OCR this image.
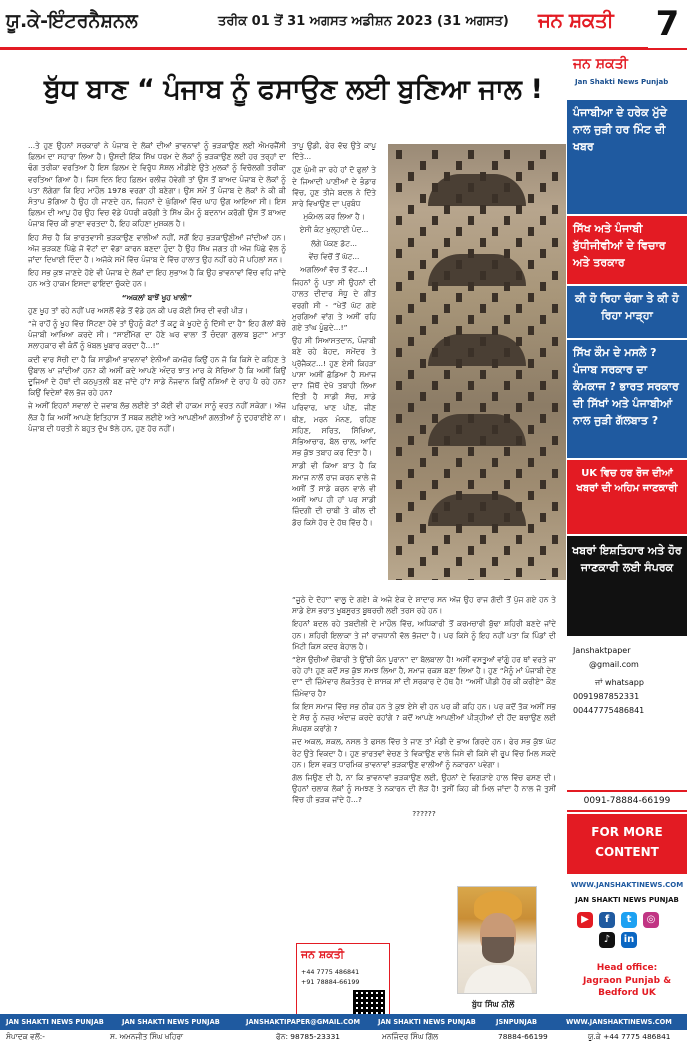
ਯੂ.ਕੇ-ਇੰਟਰਨੈਸ਼ਨਲ	ਤਰੀਕ 01 ਤੋਂ 31 ਅਗਸਤ ਅਡੀਸ਼ਨ 2023 (31 ਅਗਸਤ) ਜਨ ਸ਼ਕਤੀ 7
ਬੁੱਧ ਬਾਣ “ ਪੰਜਾਬ ਨੂੰ ਫਸਾਉਣ ਲਈ ਬੁਣਿਆ ਜਾਲ !

...ਤੇ ਹੁਣ ਉਹਨਾਂ ਸਰਕਾਰਾਂ ਨੇ ਪੰਜਾਬ ਦੇ ਲੋਕਾਂ ਦੀਆਂ ਭਾਵਨਾਵਾਂ ਨੂੰ ਭੜਕਾਉਣ ਲਈ ਐਮਰਜੈਂਸੀ ਫ਼ਿਲਮ ਦਾ ਸਹਾਰਾ ਲਿਆ ਹੈ। ਉਸਦੀ ਇੱਕ ਸਿੱਖ ਧਰਮ ਦੇ ਲੋਕਾਂ ਨੂੰ ਭੜਕਾਉਣ ਲਈ ਹਰ ਤਰ੍ਹਾਂ ਦਾ ਢੰਗ ਤਰੀਕਾ ਵਰਤਿਆ ਹੈ ਇਸ ਫ਼ਿਲਮ ਦੇ ਵਿਰੁੱਧ ਸੋਸ਼ਲ ਮੀਡੀਏ ਉਤੇ ਮੁਲਕਾਂ ਨੂੰ ਵਿਚੋਲਗੀ ਤਰੀਕਾ ਵਰਤਿਆ ਗਿਆ ਹੈ। ਜਿਸ ਦਿਨ ਇਹ ਫ਼ਿਲਮ ਰਲੀਜ਼ ਹੋਵੇਗੀ ਤਾਂ ਉਸ ਤੋਂ ਬਾਅਦ ਪੰਜਾਬ ਦੇ ਲੋਕਾਂ ਨੂੰ ਪਤਾ ਲੱਗੇਗਾ ਕਿ ਇਹ ਮਾਹੌਲ 1978 ਵਰਗਾ ਹੀ ਬਣੇਗਾ। ਉਸ ਸਮੇਂ ਤੋਂ ਪੰਜਾਬ ਦੇ ਲੋਕਾਂ ਨੇ ਕੀ ਕੀ ਸੰਤਾਪ ਭੋਗਿਆ ਹੈ ਉਹ ਹੀ ਜਾਣਦੇ ਹਨ, ਜਿਹਨਾਂ ਦੇ ਘੁੱਗਿਆਂ ਵਿੱਚ ਘਾਹ ਉਗ ਆਇਆ ਸੀ। ਇਸ ਫ਼ਿਲਮ ਦੀ ਆਪੂ ਹੋਰ ਉਹ ਵਿਚ ਵੱਡੇ ਪੱਧਰੀ ਕਰੋਗੀ ਤੇ ਸਿੱਖ ਕੌਮ ਨੂੰ ਬਦਨਾਮ ਕਰੋਗੀ ਉਸ ਤੋਂ ਬਾਅਦ ਪੰਜਾਬ ਵਿੱਚ ਕੀ ਭਾਣਾ ਵਰਤਦਾ ਹੈ, ਇਹ ਕਹਿਣਾ ਮੁਸ਼ਕਲ ਹੈ।

ਇਹ ਸੱਚ ਹੈ ਕਿ ਭਾਰਤਵਾਸੀ ਭੜਕਾਉਣ ਵਾਲੀਆਂ ਨਹੀਂ, ਸਗੋਂ ਇਹ ਭੜਕਾਉਣੀਆਂ ਜਾਂਦੀਆਂ ਹਨ। ਅੱਜ ਭੜਕਣ ਪਿੱਛੇ ਜੋ ਵੋਟਾਂ ਦਾ ਵੱਡਾ ਕਾਰਨ ਬਣਦਾ ਹੁੰਦਾ ਹੈ ਉਹ ਸਿੱਖ ਜਗਤ ਹੀ ਅੱਜ ਪਿੱਛੇ ਵੱਲ ਨੂੰ ਜਾਂਦਾ ਦਿਖਾਈ ਦਿੰਦਾ ਹੈ। ਅਜੋਕੇ ਸਮੇਂ ਵਿੱਚ ਪੰਜਾਬ ਦੇ ਵਿੱਚ ਹਾਲਾਤ ਉਹ ਨਹੀਂ ਰਹੇ ਜੋ ਪਹਿਲਾਂ ਸਨ।

ਇਹ ਸਭ ਕੁਝ ਜਾਣਦੇ ਹੋਏ ਵੀ ਪੰਜਾਬ ਦੇ ਲੋਕਾਂ ਦਾ ਇਹ ਸੁਭਾਅ ਹੈ ਕਿ ਉਹ ਭਾਵਨਾਵਾਂ ਵਿੱਚ ਵਹਿ ਜਾਂਦੇ ਹਨ ਅਤੇ ਹਾਕਮ ਇਸਦਾ ਫਾਇਦਾ ਚੁੱਕਦੇ ਹਨ।

“ਅਕਲਾਂ ਬਾਝੋਂ ਖੂਹ ਖਾਲੀ”

ਹੁਣ ਖੂਹ ਤਾਂ ਰਹੇ ਨਹੀਂ ਪਰ ਅਸਲੋਂ ਵੱਡੇ ਤੋਂ ਵੱਡੇ ਹਨ ਕੀ ਪਰ ਕੋਈ ਸਿਰ ਦੀ ਵਰੀ ਪੀੜ।

“ਜੇ ਰਾਹੋਂ ਨੂੰ ਖੂਹ ਵਿੱਚ ਸਿੱਟਣਾ ਹੋਵੇ ਤਾਂ ਉਹਨੂੰ ਕੋਟਾਂ ਤੋਂ ਕਟੂ ਕੇ ਖੂਹਦੇ ਨੂੰ ਦਿੱਸੀ ਦਾ ਹੈ” ਇਹ ਗੱਲਾਂ ਬੱਚੇ ਪੰਜਾਬੀ ਆਖਿਆ ਕਰਦੇ ਸੀ। “ਸਾਈਂਮੋਗ ਦਾ ਹੋਣੇ ਘਰ ਵਾਲਾ ਤੋਂ ਚੰਦਗਾ ਗੁਲਾਬ ਬੂਟਾ” ਮਾਤਾ ਸਲਾਹਕਾਰ ਵੀ ਕੰਨੋਂ ਨੂੰ ਖੱਬਲ ਖੂਬਾਰ ਕਰਦਾ ਹੈ...!”

ਕਦੀ ਵਾਰ ਸੋਚੀ ਦਾ ਹੈ ਕਿ ਸਾਡੀਆਂ ਭਾਵਨਾਵਾਂ ਏਨੀਆਂ ਕਮਜ਼ੋਰ ਕਿਉਂ ਹਨ ਜੋ ਕਿ ਕਿਸੇ ਦੇ ਕਹਿਣ ਤੇ ਉਬਾਲ ਖਾ ਜਾਂਦੀਆਂ ਹਨ? ਕੀ ਅਸੀਂ ਕਦੇ ਆਪਣੇ ਅੰਦਰ ਝਾਤ ਮਾਰ ਕੇ ਸੋਚਿਆ ਹੈ ਕਿ ਅਸੀਂ ਕਿਉਂ ਦੂਜਿਆਂ ਦੇ ਹੱਥਾਂ ਦੀ ਕਠਪੁਤਲੀ ਬਣ ਜਾਂਦੇ ਹਾਂ? ਸਾਡੇ ਨੌਜਵਾਨ ਕਿਉਂ ਨਸ਼ਿਆਂ ਦੇ ਰਾਹ ਪੈ ਰਹੇ ਹਨ? ਕਿਉਂ ਵਿਦੇਸ਼ਾਂ ਵੱਲ ਭੱਜ ਰਹੇ ਹਨ?

ਜੇ ਅਸੀਂ ਇਹਨਾਂ ਸਵਾਲਾਂ ਦੇ ਜਵਾਬ ਲੱਭ ਲਈਏ ਤਾਂ ਕੋਈ ਵੀ ਹਾਕਮ ਸਾਨੂੰ ਵਰਤ ਨਹੀਂ ਸਕੇਗਾ। ਅੱਜ ਲੋੜ ਹੈ ਕਿ ਅਸੀਂ ਆਪਣੇ ਇਤਿਹਾਸ ਤੋਂ ਸਬਕ ਲਈਏ ਅਤੇ ਆਪਣੀਆਂ ਗਲਤੀਆਂ ਨੂੰ ਦੁਹਰਾਈਏ ਨਾ। ਪੰਜਾਬ ਦੀ ਧਰਤੀ ਨੇ ਬਹੁਤ ਦੁੱਖ ਝੱਲੇ ਹਨ, ਹੁਣ ਹੋਰ ਨਹੀਂ।

ਤਾਪੂ ਉਡੀ, ਫੇਰ ਵੱਢ ਉਤੇ ਕਾਪੂ ਦਿੱਤੇ...

ਹੁਣ ਘੁੰਮੀ ਜਾ ਰਹੇ ਹਾਂ ਦੋ ਫੁਲਾਂ ਤੇ ਦੇ ਜਿਆਦੀ ਪਾਣੀਆਂ ਦੇ ਭੰਡਾਰ ਵਿੱਚ, ਹੁਣ ਤੀਜੇ ਬਦਲ ਨੇ ਦਿੱਤੇ ਸਾਰੇ ਵਿਖਾਉਣ ਦਾ ਪ੍ਰਬੰਧ

ਮੁਕੰਮਲ ਕਰ ਲਿਆ ਹੈ।

ਏਸੀ ਕੰਟ ਖੁਲ੍ਹਾਈ ਪੰਦ...

ਲੱਗੇ ਪੱਕਣ ਡੱਟ...

ਵੇਂਚ ਵਿਚੋਂ ਤੋਂ ਘੱਟ...

ਅਗਲਿਆਂ ਵੱਚ ਤੋਂ ਵੱਟ...!

ਜਿਹਨਾਂ ਨੂੰ ਪਤਾ ਸੀ ਉਹਨਾਂ ਦੀ ਹਾਲਤ ਦੀਦਾਰ ਸੰਧੂ ਦੇ ਗੀਤ ਵਰਗੀ ਸੀ - “ਖੇਤੋਂ ਘੱਟ ਗਏ ਮੁਰਗਿਆਂ ਵਾਂਗ ਤੇ ਅਸੀਂ ਰਹਿ ਗਏ ਤਾਂਘ ਪੂੰਛਦੇ...!”

ਉਹ ਸੀ ਸਿਆਸਤਦਾਨ, ਪੰਜਾਬੀ ਬਣੇ ਰਹੇ ਬੇਹਦ, ਸਮੇਂਦਰ ਤੇ ਪ੍ਰੋਜੈਕਟ...! ਹੁਣ ਏਸੀ ਕਿਹੜਾ ਪਾਸਾ ਅਸੀਂ ਛੱਡਿਆ ਹੈ ਸਮਾਜ ਦਾ? ਜਿੱਥੋਂ ਦੇਖੋ ਤਬਾਹੀ ਲਿਆ ਦਿੱਤੀ ਹੈ ਸਾਡੀ ਸੋਚ, ਸਾਡੇ ਪਰਿਵਾਰ, ਖਾਣ ਪੀਣ, ਜੀਣ ਥੀਣ, ਮਰਨ ਮੰਨਣ, ਰਹਿਣ ਸਹਿਣ, ਸਰਿਤ, ਸਿੱਖਿਆ, ਸੱਭਿਆਚਾਰ, ਬੋਲ ਚਾਲ, ਆਦਿ ਸਭ ਕੁੱਝ ਤਬਾਹ ਕਰ ਦਿੱਤਾ ਹੈ।

ਸਾਡੀ ਵੀ ਕਿਆ ਬਾਤ ਹੈ ਕਿ ਸਮਾਜ ਨਾਲੋਂ ਰਾਜ ਕਰਨ ਵਾਲੇ ਜੋ ਅਸੀਂ ਤੋਂ ਸਾਡੇ ਕਰਨ ਵਾਲੇ ਵੀ ਅਸੀਂ ਆਪ ਹੀ ਹਾਂ ਪਰ ਸਾਡੀ ਜ਼ਿੰਦਗੀ ਦੀ ਚਾਬੀ ਤੇ ਕੀਲ ਦੀ ਡੋਰ ਕਿਸੇ ਹੋਰ ਦੇ ਹੱਥ ਵਿੱਚ ਹੈ।

“ਜੂਠੇ ਦੇ ਦੋਹਾ” ਵਾਲੂ ਦੇ ਗਏ! ਕੇ ਅਜੇ ਏਕ ਦੇ ਸ਼ਾਦਾਰ ਸਨ ਅੱਜ ਉਹ ਰਾਜ ਗੱਦੀ ਤੋਂ ਪੁੱਜ ਗਏ ਹਨ ਤੇ ਸਾਡੇ ਏਸ ਭਰਾਤ ਖੂਬਸੂਰਤ ਬੂਥਰਚੀ ਲਈ ਤਰਸ ਰਹੇ ਹਨ।

ਇਹਨਾਂ ਬਦਲ ਰਹੇ ਤਬਦੀਲੀ ਦੇ ਮਾਹੌਲ ਵਿੱਚ, ਅਧਿਕਾਰੀ ਤੋਂ ਕਰਮਚਾਰੀ ਬੁੱਢਾ ਸ਼ਹਿਰੀ ਬਣਦੇ ਜਾਂਦੇ ਹਨ। ਸ਼ਹਿਰੀ ਇਲਾਕਾ ਤੇ ਜਾਂ ਰਾਜਧਾਨੀ ਵੱਲ ਭੱਜਦਾ ਹੈ। ਪਰ ਕਿਸੇ ਨੂੰ ਇਹ ਨਹੀਂ ਪਤਾ ਕਿ ਪਿੰਡਾਂ ਦੀ ਮਿੱਟੀ ਕਿਸ ਕਦਰ ਬੇਹਾਲ ਹੈ।

“ਏਸ ਉਚੀਆਂ ਚੌਬਾਰੀ ਤੇ ਉੱਚੀ ਕੰਨ ਪੂਰਾਨ” ਦਾ ਬੋਲਬਾਲਾ ਹੈ! ਅਸੀਂ ਵਸਤੂਆਂ ਵਾਂਗੂੰ ਹਰ ਥਾਂ ਵਰਤੇ ਜਾ ਰਹੇ ਹਾਂ! ਹੁਣ ਕਦੋਂ ਸਭ ਕੁੱਝ ਸਮਝ ਲਿਆ ਹੈ, ਸਮਾਜ ਰਕਸ਼ ਬਣਾ ਲਿਆ ਹੈ। ਹੁਣ “ਮੈਨੂੰ ਮਾਂ ਪੰਜਾਬੀ ਦੇਣ ਦਾ” ਦੀ ਜ਼ਿੰਮੇਵਾਰ ਲੋਕਤੰਤਰ ਦੇ ਸ਼ਾਸਕ ਸਾਂ ਦੀ ਸਰਕਾਰ ਦੇ ਹੱਥ ਹੈ! “ਅਸੀਂ ਪੀਡੀ ਹੋਰ ਕੀ ਕਰੀਏ” ਕੌਣ ਜ਼ਿੰਮੇਵਾਰ ਹੈ?

ਕਿ ਇਸ ਸਮਾਜ ਵਿੱਚ ਸਭ ਠੀਕ ਹਨ ਤੇ ਕੁਝ ਏਸੇ ਵੀ ਹਨ ਪਰ ਕੀ ਕਹਿ ਹਨ। ਪਰ ਕਦੋਂ ਤੱਕ ਅਸੀਂ ਸਭ ਦੇ ਸੱਚ ਨੂੰ ਨਜ਼ਰ ਅੰਦਾਜ਼ ਕਰਦੇ ਰਹਾਂਗੇ ? ਕਦੋਂ ਆਪਣੇ ਆਪਣੀਆਂ ਪੀੜ੍ਹੀਆਂ ਦੀ ਹੋਂਦ ਬਚਾਉਣ ਲਈ ਸੰਘਰਸ਼ ਕਰਾਂਗੇ ?

ਜਦ ਅਕਲ, ਸ਼ਕਲ, ਨਸਲ ਤੇ ਫਸਲ ਵਿੱਚ ਤੇ ਜਾਣ ਤਾਂ ਮੰਡੀ ਦੇ ਭਾਅ ਗਿਰਦੇ ਹਨ। ਫੇਰ ਸਭ ਕੁੱਝ ਘੱਟ ਰੇਟ ਉਤੇ ਵਿਕਦਾ ਹੈ। ਹੁਣ ਭਾਰਤਵਾਂ ਵੇਚਣ ਤੇ ਵਿਕਾਉਣ ਵਾਲੇ ਜਿਸੇ ਵੀ ਕਿਸੇ ਵੀ ਰੂਪ ਵਿੱਚ ਮਿਲ ਸਕਦੇ ਹਨ। ਇਸ ਵਕਤ ਧਾਰਮਿਕ ਭਾਵਨਾਵਾਂ ਭੜਕਾਉਣ ਵਾਲੀਆਂ ਨੂੰ ਨਕਾਰਨਾ ਪਵੇਗਾ।

ਗੱਲ ਜਿਉਣ ਦੀ ਹੈ, ਨਾ ਕਿ ਭਾਵਨਾਵਾਂ ਭੜਕਾਉਣ ਲਈ, ਉਹਨਾਂ ਦੇ ਵਿਗੜਾਏ ਹਾਲ ਵਿੱਚ ਫਸਣ ਦੀ। ਉਹਨਾਂ ਚਲਾਕ ਲੋਕਾਂ ਨੂੰ ਸਮਝਣ ਤੇ ਨਕਾਰਨ ਦੀ ਲੋੜ ਹੈ! ਤੁਸੀਂ ਕਿਹ ਕੀ ਮਿਲ ਜਾਂਦਾ ਹੈ ਨਾਲ ਜੋ ਤੁਸੀਂ ਵਿੱਚ ਹੀ ਭੜਕ ਜਾਂਦੇ ਹੋ...?

??????

ਬੁੱਧ ਸਿੰਘ ਨੀਲੋਂ
ਜਨ ਸ਼ਕਤੀ
+44 7775 486841
+91 78884-66199
ਜਨ ਸ਼ਕਤੀ
Jan Shakti News Punjab
ਪੰਜਾਬੀਆ ਦੇ ਹਰੇਕ ਮੁੱਦੇ ਨਾਲ ਜੁੜੀ ਹਰ ਮਿੰਟ ਦੀ ਖਬਰ
ਸਿੱਖ ਅਤੇ ਪੰਜਾਬੀ ਬੁੱਧੀਜੀਵੀਆਂ ਦੇ ਵਿਚਾਰ ਅਤੇ ਤਰਕਾਰ
ਕੀ ਹੋ ਰਿਹਾ ਚੰਗਾ ਤੇ ਕੀ ਹੋ ਰਿਹਾ ਮਾੜ੍ਹਾ
ਸਿੱਖ ਕੌਮ ਦੇ ਮਸਲੇ ? ਪੰਜਾਬ ਸਰਕਾਰ ਦਾ ਕੰਮਕਾਜ ? ਭਾਰਤ ਸਰਕਾਰ ਦੀ ਸਿੱਖਾਂ ਅਤੇ ਪੰਜਾਬੀਆਂ ਨਾਲ ਜੁੜੀ ਗੱਲਬਾਤ ?
UK ਵਿਚ ਹਰ ਰੋਜ ਦੀਆਂ ਖਬਰਾਂ ਦੀ ਅਹਿਮ ਜਾਣਕਾਰੀ
ਖਬਰਾਂ ਇਸ਼ਤਿਹਾਰ ਅਤੇ ਹੋਰ ਜਾਣਕਾਰੀ ਲਈ ਸੰਪਰਕ
Janshaktpaper
@gmail.com
ਜਾਂ whatsapp
0091987852331
00447775486841
0091-78884-66199
FOR MORE CONTENT
WWW.JANSHAKTINEWS.COM
JAN SHAKTI NEWS PUNJAB
▶	f	t	◎
♪	in
Head office:
Jagraon Punjab & Bedford UK
JAN SHAKTI NEWS PUNJAB	JAN SHAKTI NEWS PUNJAB	JANSHAKTIPAPER@GMAIL.COM	JAN SHAKTI NEWS PUNJAB	JSNPUNJAB	WWW.JANSHAKTINEWS.COM
ਸੰਪਾਦਕ ਵਲੋਂ:-	ਸ. ਅਮਨਜੀਤ ਸਿੰਘ ਖਹਿਰਾ	ਫੋਨ: 98785-23331	ਮਨਜਿੰਦਰ ਸਿੰਘ ਗਿੱਲ	78884-66199	ਯੂ.ਕੇ +44 7775 486841
